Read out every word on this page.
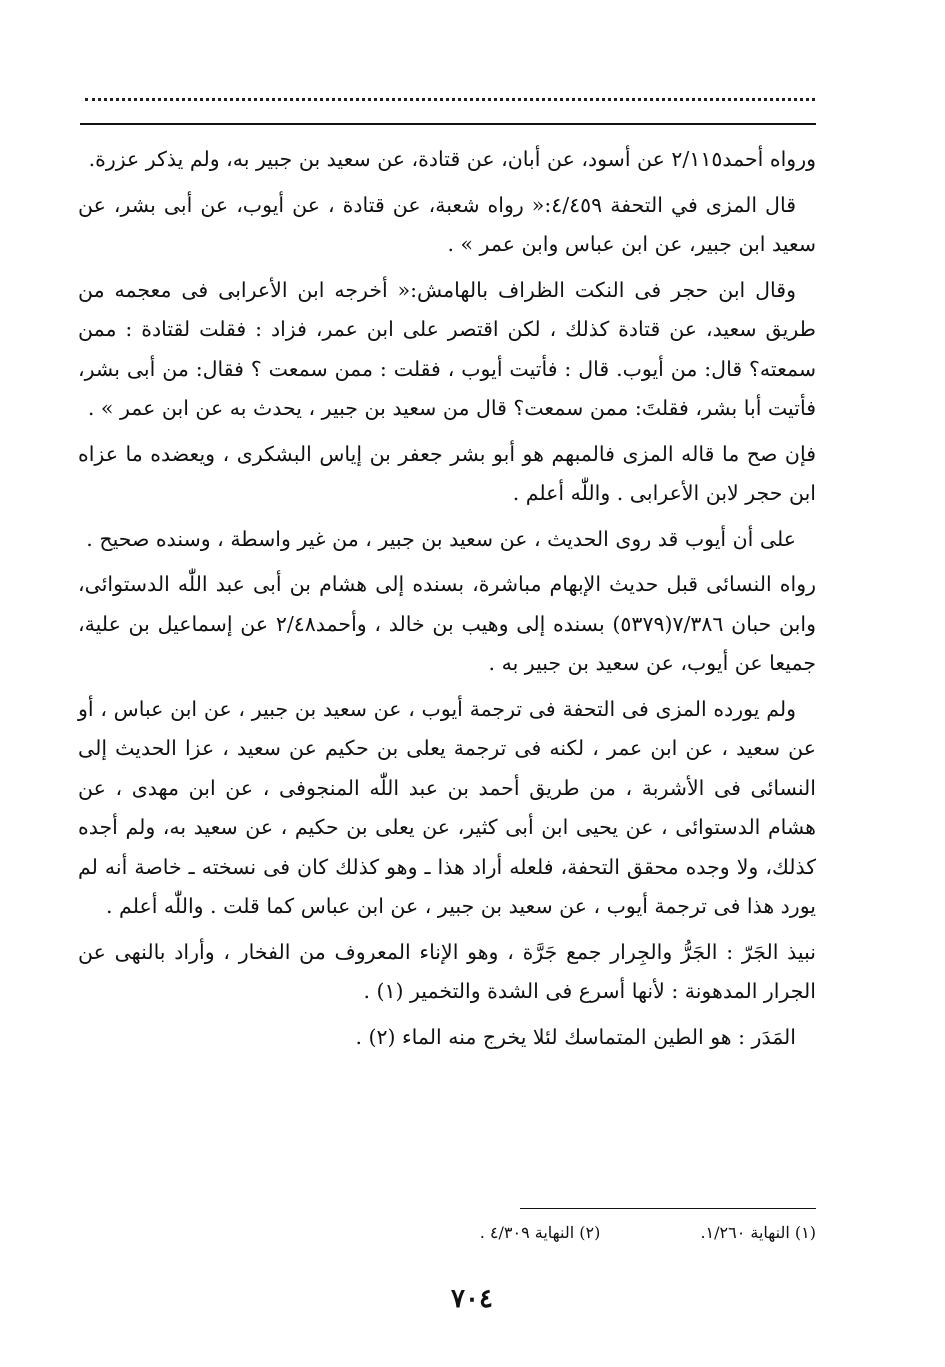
ورواه أحمد٢/١١٥ عن أسود، عن أبان، عن قتادة، عن سعيد بن جبير به، ولم يذكر عزرة.

قال المزى في التحفة ٤/٤٥٩:« رواه شعبة، عن قتادة ، عن أيوب، عن أبى بشر، عن سعيد ابن جبير، عن ابن عباس وابن عمر » .

وقال ابن حجر فى النكت الظراف بالهامش:« أخرجه ابن الأعرابى فى معجمه من طريق سعيد، عن قتادة كذلك ، لكن اقتصر على ابن عمر، فزاد : فقلت لقتادة : ممن سمعته؟ قال: من أيوب. قال : فأتيت أيوب ، فقلت : ممن سمعت ؟ فقال: من أبى بشر، فأتيت أبا بشر، فقلتَ: ممن سمعت؟ قال من سعيد بن جبير ، يحدث به عن ابن عمر » .

فإن صح ما قاله المزى فالمبهم هو أبو بشر جعفر بن إياس البشكرى ، ويعضده ما عزاه ابن حجر لابن الأعرابى . واللّٰه أعلم .

على أن أيوب قد روى الحديث ، عن سعيد بن جبير ، من غير واسطة ، وسنده صحيح .

رواه النسائى قبل حديث الإبهام مباشرة، بسنده إلى هشام بن أبى عبد اللّٰه الدستوائى، وابن حبان ٧/٣٨٦(٥٣٧٩) بسنده إلى وهيب بن خالد ، وأحمد٢/٤٨ عن إسماعيل بن علية، جميعا عن أيوب، عن سعيد بن جبير به .

ولم يورده المزى فى التحفة فى ترجمة أيوب ، عن سعيد بن جبير ، عن ابن عباس ، أو عن سعيد ، عن ابن عمر ، لكنه فى ترجمة يعلى بن حكيم عن سعيد ، عزا الحديث إلى النسائى فى الأشربة ، من طريق أحمد بن عبد اللّٰه المنجوفى ، عن ابن مهدى ، عن هشام الدستوائى ، عن يحيى ابن أبى كثير، عن يعلى بن حكيم ، عن سعيد به، ولم أجده كذلك، ولا وجده محقق التحفة، فلعله أراد هذا ـ وهو كذلك كان فى نسخته ـ خاصة أنه لم يورد هذا فى ترجمة أيوب ، عن سعيد بن جبير ، عن ابن عباس كما قلت . واللّٰه أعلم .

نبيذ الجَرّ : الجَرُّ والجِرار جمع جَرَّة ، وهو الإناء المعروف من الفخار ، وأراد بالنهى عن الجرار المدهونة : لأنها أسرع فى الشدة والتخمير (١) .

المَدَر : هو الطين المتماسك لئلا يخرج منه الماء (٢) .

(١) النهاية ١/٢٦٠. (٢) النهاية ٤/٣٠٩ .
٧٠٤
